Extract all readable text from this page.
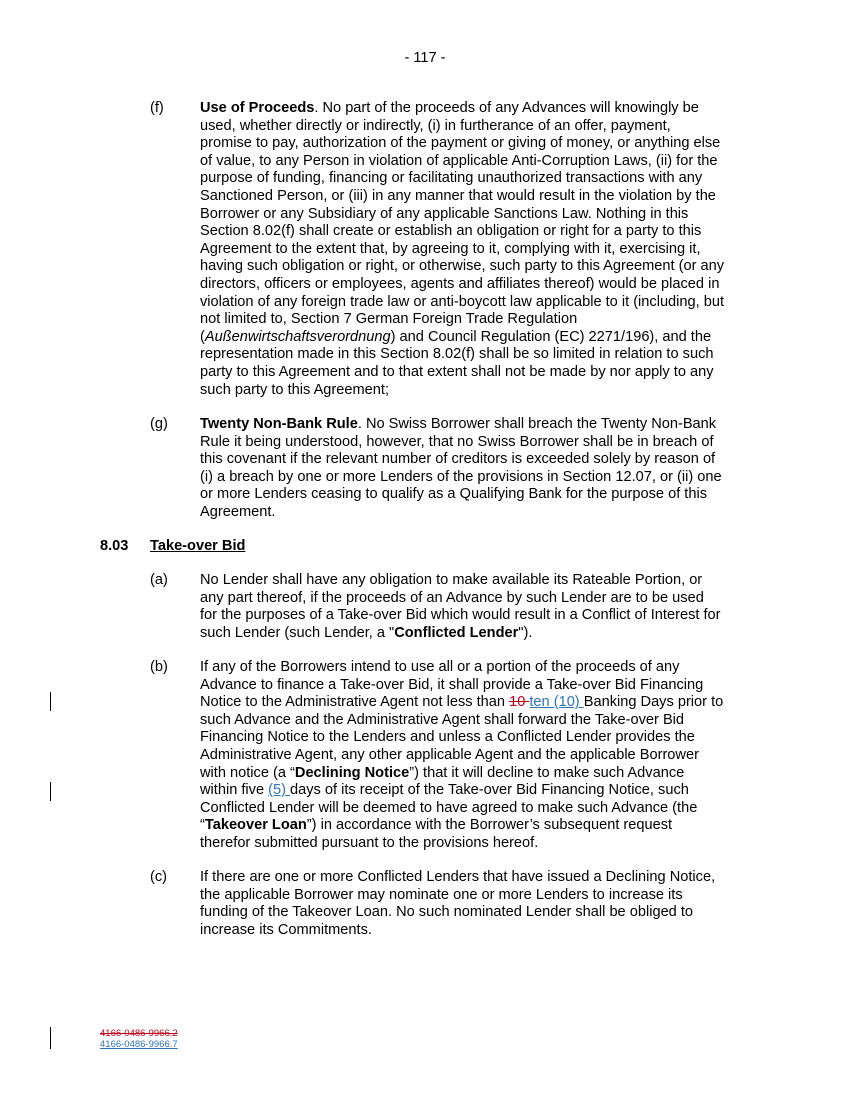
- 117 -
(f) Use of Proceeds. No part of the proceeds of any Advances will knowingly be
used, whether directly or indirectly, (i) in furtherance of an offer, payment,
promise to pay, authorization of the payment or giving of money, or anything else
of value, to any Person in violation of applicable Anti-Corruption Laws, (ii) for the
purpose of funding, financing or facilitating unauthorized transactions with any
Sanctioned Person, or (iii) in any manner that would result in the violation by the
Borrower or any Subsidiary of any applicable Sanctions Law. Nothing in this
Section 8.02(f) shall create or establish an obligation or right for a party to this
Agreement to the extent that, by agreeing to it, complying with it, exercising it,
having such obligation or right, or otherwise, such party to this Agreement (or any
directors, officers or employees, agents and affiliates thereof) would be placed in
violation of any foreign trade law or anti-boycott law applicable to it (including, but
not limited to, Section 7 German Foreign Trade Regulation
(Außenwirtschaftsverordnung) and Council Regulation (EC) 2271/196), and the
representation made in this Section 8.02(f) shall be so limited in relation to such
party to this Agreement and to that extent shall not be made by nor apply to any
such party to this Agreement;
(g) Twenty Non-Bank Rule. No Swiss Borrower shall breach the Twenty Non-Bank
Rule it being understood, however, that no Swiss Borrower shall be in breach of
this covenant if the relevant number of creditors is exceeded solely by reason of
(i) a breach by one or more Lenders of the provisions in Section 12.07, or (ii) one
or more Lenders ceasing to qualify as a Qualifying Bank for the purpose of this
Agreement.
8.03 Take-over Bid
(a) No Lender shall have any obligation to make available its Rateable Portion, or
any part thereof, if the proceeds of an Advance by such Lender are to be used
for the purposes of a Take-over Bid which would result in a Conflict of Interest for
such Lender (such Lender, a "Conflicted Lender").
(b) If any of the Borrowers intend to use all or a portion of the proceeds of any
Advance to finance a Take-over Bid, it shall provide a Take-over Bid Financing
Notice to the Administrative Agent not less than 10 ten (10) Banking Days prior to
such Advance and the Administrative Agent shall forward the Take-over Bid
Financing Notice to the Lenders and unless a Conflicted Lender provides the
Administrative Agent, any other applicable Agent and the applicable Borrower
with notice (a “Declining Notice”) that it will decline to make such Advance
within five (5) days of its receipt of the Take-over Bid Financing Notice, such
Conflicted Lender will be deemed to have agreed to make such Advance (the
“Takeover Loan”) in accordance with the Borrower’s subsequent request
therefor submitted pursuant to the provisions hereof.
(c) If there are one or more Conflicted Lenders that have issued a Declining Notice,
the applicable Borrower may nominate one or more Lenders to increase its
funding of the Takeover Loan. No such nominated Lender shall be obliged to
increase its Commitments.
4166-0486-9966.2
4166-0486-9966.7
